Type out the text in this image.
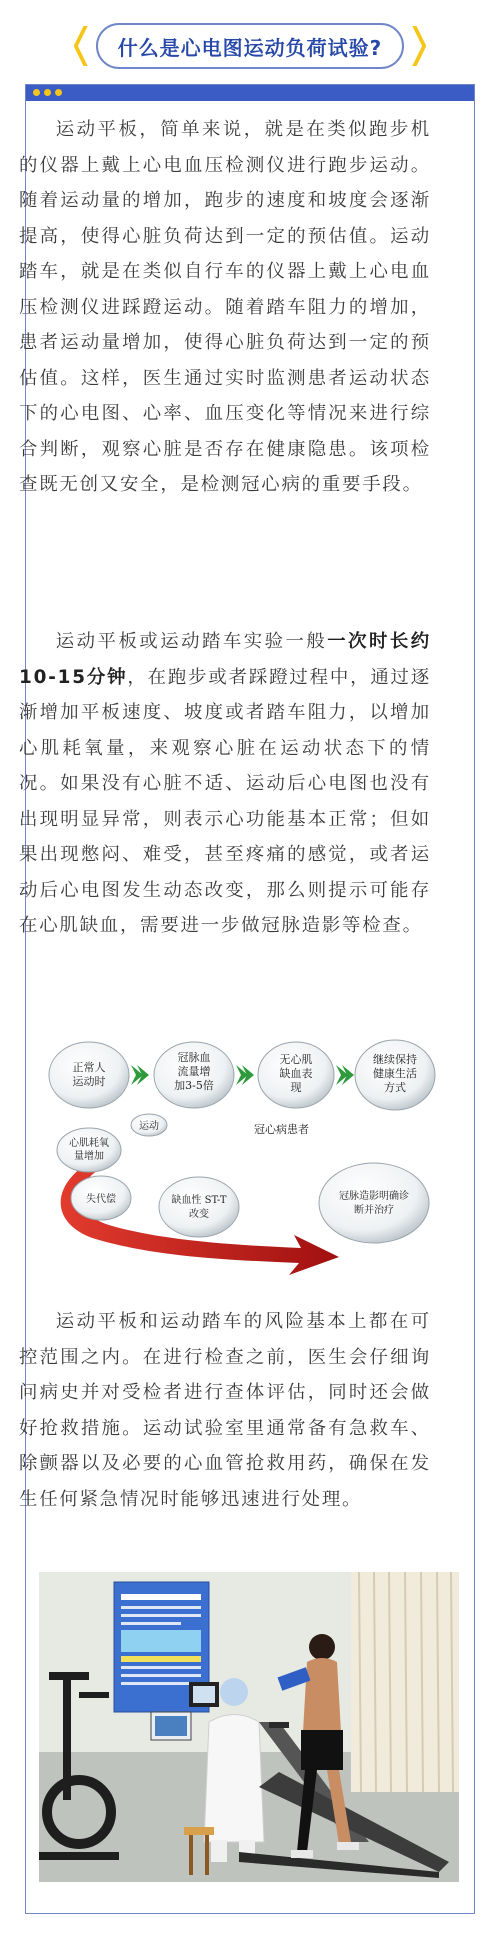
什么是心电图运动负荷试验?

运动平板，简单来说，就是在类似跑步机的仪器上戴上心电血压检测仪进行跑步运动。随着运动量的增加，跑步的速度和坡度会逐渐提高，使得心脏负荷达到一定的预估值。运动踏车，就是在类似自行车的仪器上戴上心电血压检测仪进踩蹬运动。随着踏车阻力的增加，患者运动量增加，使得心脏负荷达到一定的预估值。这样，医生通过实时监测患者运动状态下的心电图、心率、血压变化等情况来进行综合判断，观察心脏是否存在健康隐患。该项检查既无创又安全，是检测冠心病的重要手段。

运动平板或运动踏车实验一般一次时长约10-15分钟，在跑步或者踩蹬过程中，通过逐渐增加平板速度、坡度或者踏车阻力，以增加心肌耗氧量，来观察心脏在运动状态下的情况。如果没有心脏不适、运动后心电图也没有出现明显异常，则表示心功能基本正常；但如果出现憋闷、难受，甚至疼痛的感觉，或者运动后心电图发生动态改变，那么则提示可能存在心肌缺血，需要进一步做冠脉造影等检查。

正常人运动时
冠脉血流量增加3-5倍
无心肌缺血表现
继续保持健康生活方式
冠心病患者
运动
心肌耗氧量增加
失代偿	缺血性 ST-T 改变
冠脉造影明确诊断并治疗

运动平板和运动踏车的风险基本上都在可控范围之内。在进行检查之前，医生会仔细询问病史并对受检者进行查体评估，同时还会做好抢救措施。运动试验室里通常备有急救车、除颤器以及必要的心血管抢救用药，确保在发生任何紧急情况时能够迅速进行处理。
